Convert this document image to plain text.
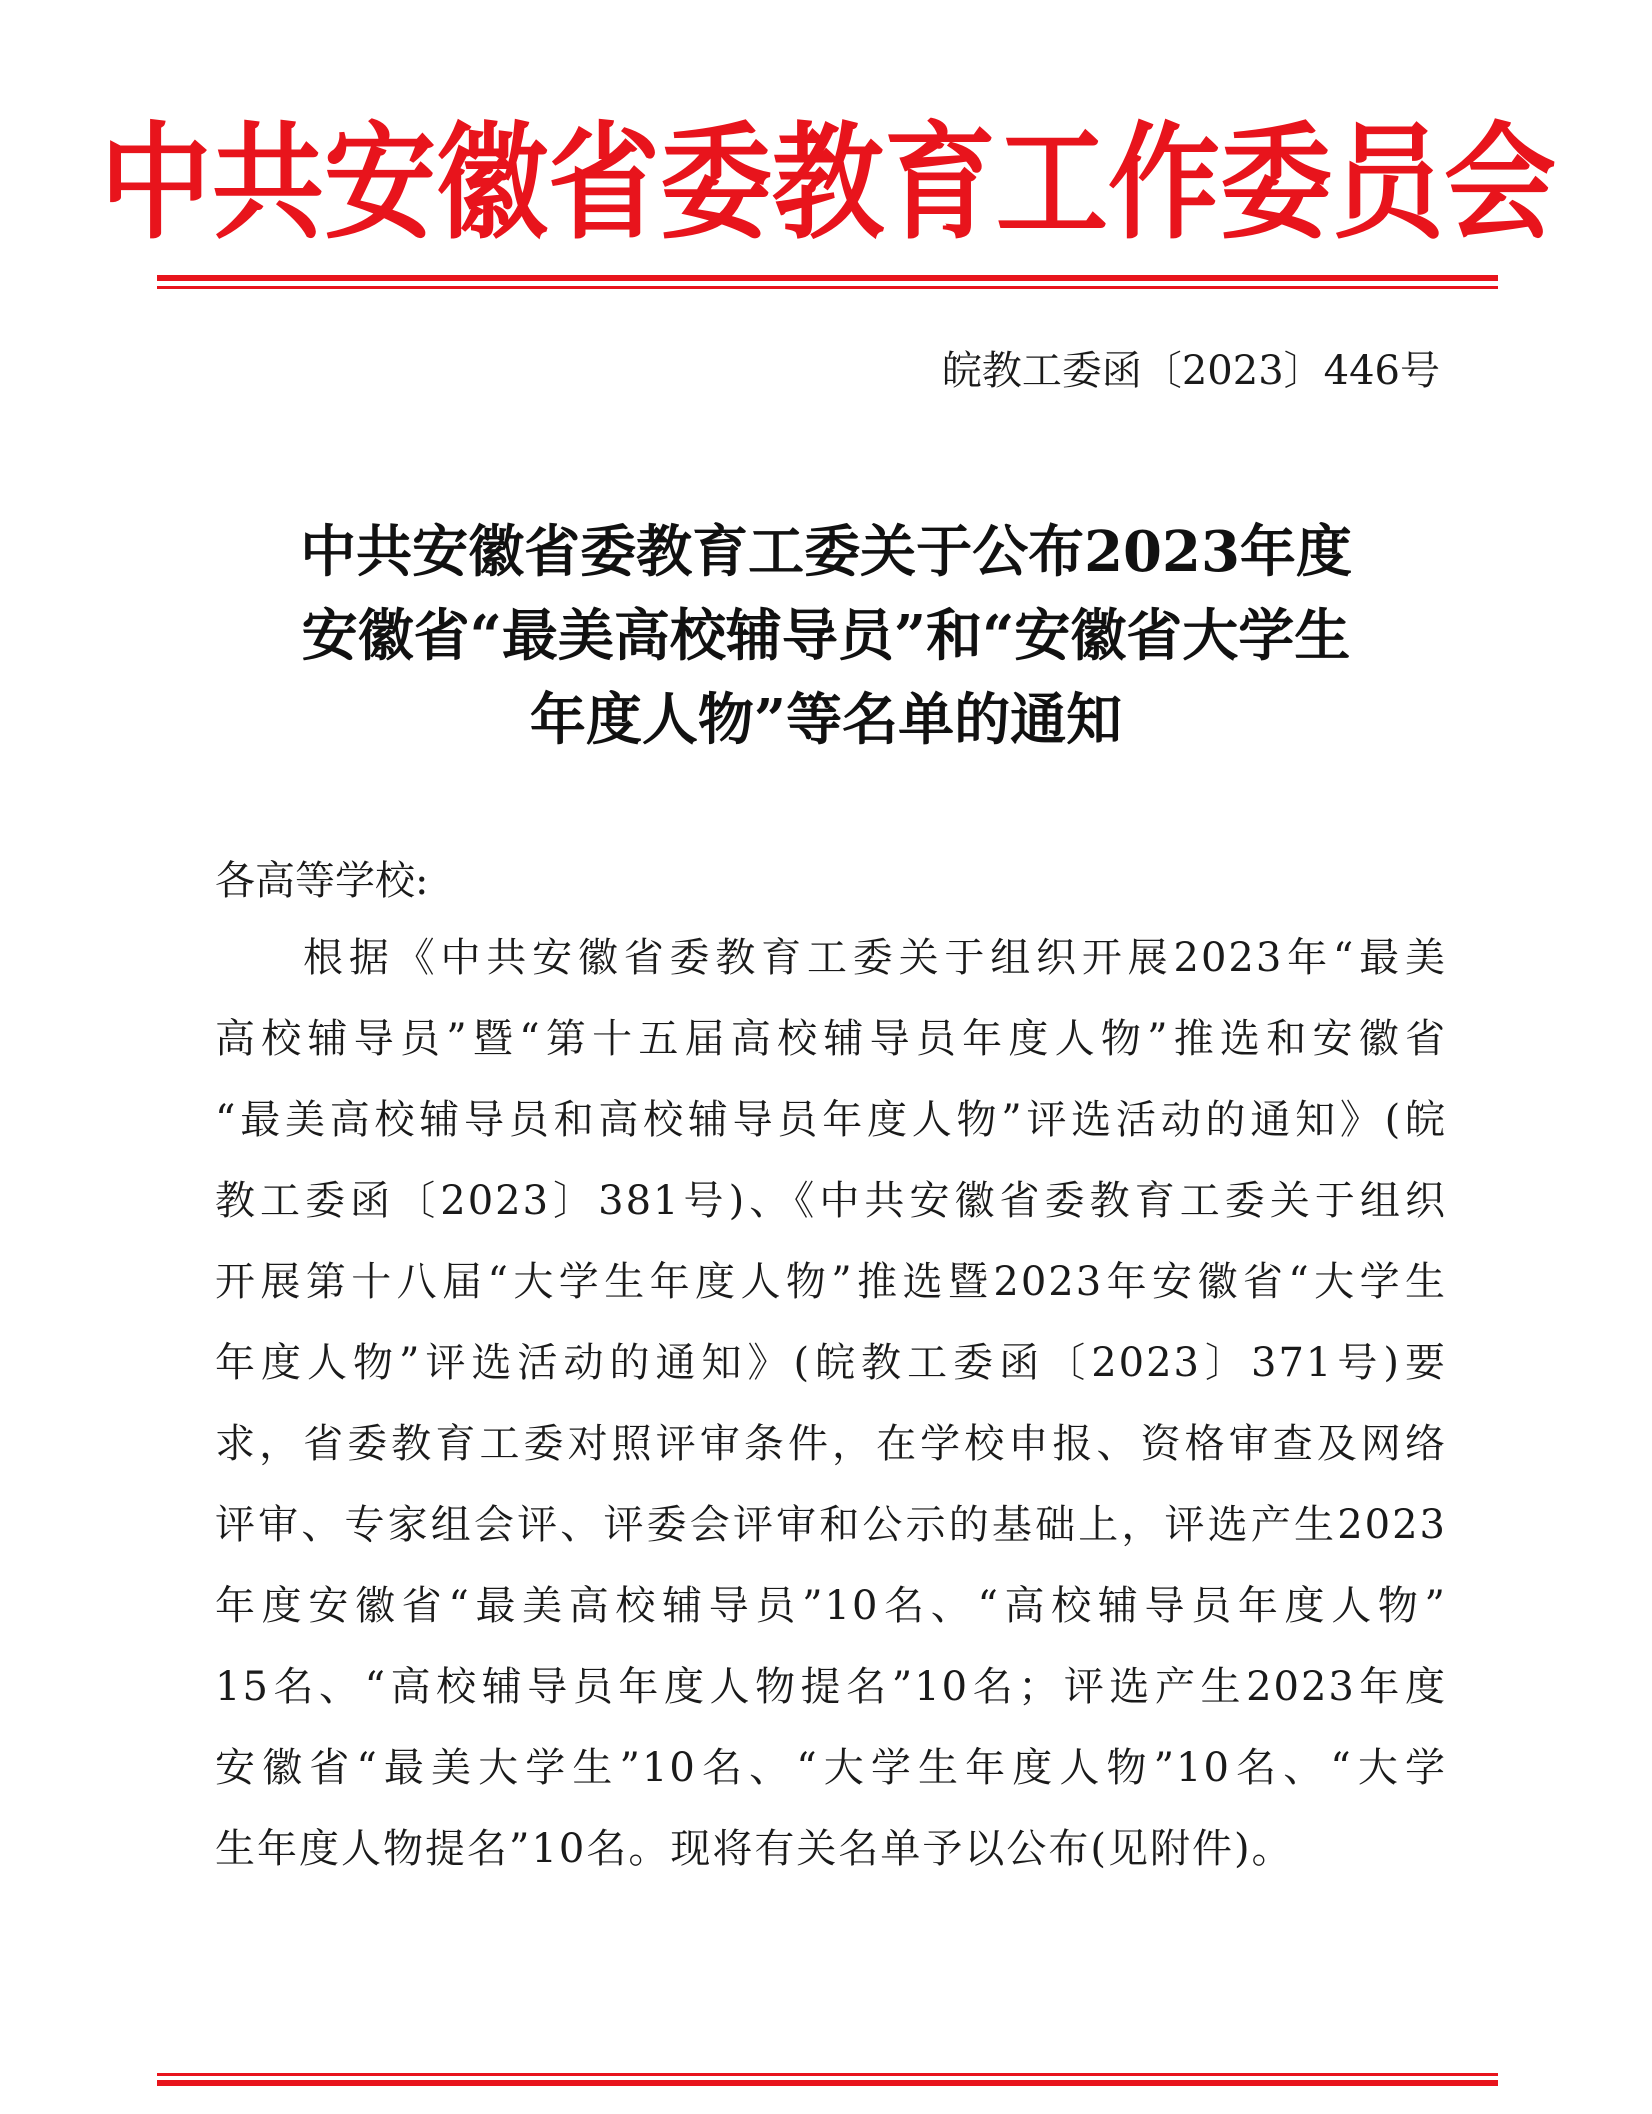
中共安徽省委教育工作委员会
皖教工委函〔2023〕446号
中共安徽省委教育工委关于公布2023年度
安徽省“最美高校辅导员”和“安徽省大学生
年度人物”等名单的通知
各高等学校:
根据《中共安徽省委教育工委关于组织开展2023年“最美
高校辅导员”暨“第十五届高校辅导员年度人物”推选和安徽省
“最美高校辅导员和高校辅导员年度人物”评选活动的通知》(皖
教工委函〔2023〕381号)、《中共安徽省委教育工委关于组织
开展第十八届“大学生年度人物”推选暨2023年安徽省“大学生
年度人物”评选活动的通知》(皖教工委函〔2023〕371号)要
求，省委教育工委对照评审条件，在学校申报、资格审查及网络
评审、专家组会评、评委会评审和公示的基础上，评选产生2023
年度安徽省“最美高校辅导员”10名、“高校辅导员年度人物”
15名、“高校辅导员年度人物提名”10名；评选产生2023年度
安徽省“最美大学生”10名、“大学生年度人物”10名、“大学
生年度人物提名”10名。现将有关名单予以公布(见附件)。
